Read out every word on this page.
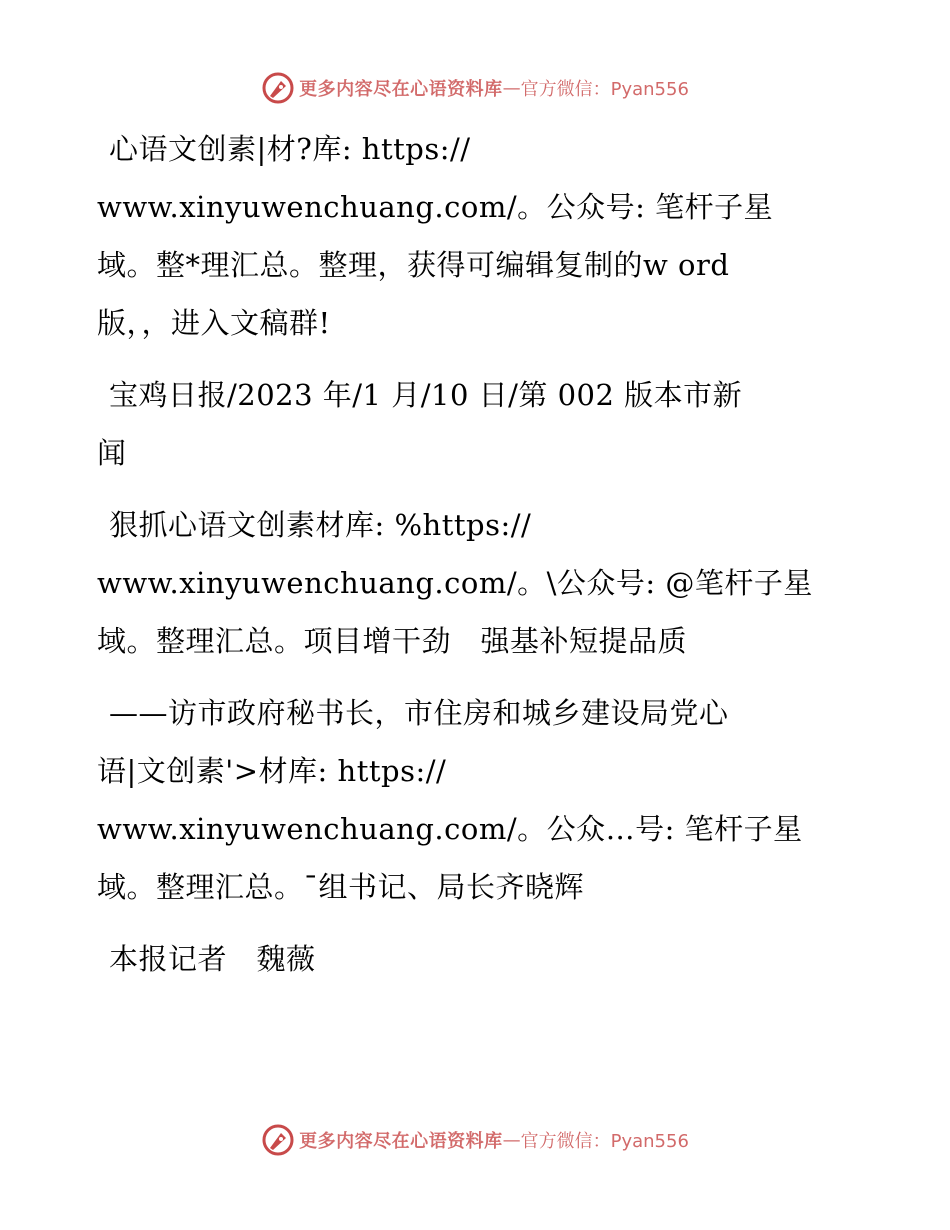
更多内容尽在心语资料库 — 官方微信：Pyan556

心语文创素|材?库: https://
www.xinyuwenchuang.com/。公众号: 笔杆子星
域。整*理汇总。整理，获得可编辑复制的w ord
版，，进入文稿群!

宝鸡日报/2023 年/1 月/10 日/第 002 版本市新
闻

狠抓心语文创素材库: %https://
www.xinyuwenchuang.com/。\公众号: @笔杆子星
域。整理汇总。项目增干劲　强基补短提品质

——访市政府秘书长，市住房和城乡建设局党心
语|文创素'>材库: https://
www.xinyuwenchuang.com/。公众…号: 笔杆子星
域。整理汇总。¯组书记、局长齐晓辉

本报记者　魏薇

更多内容尽在心语资料库 — 官方微信：Pyan556
